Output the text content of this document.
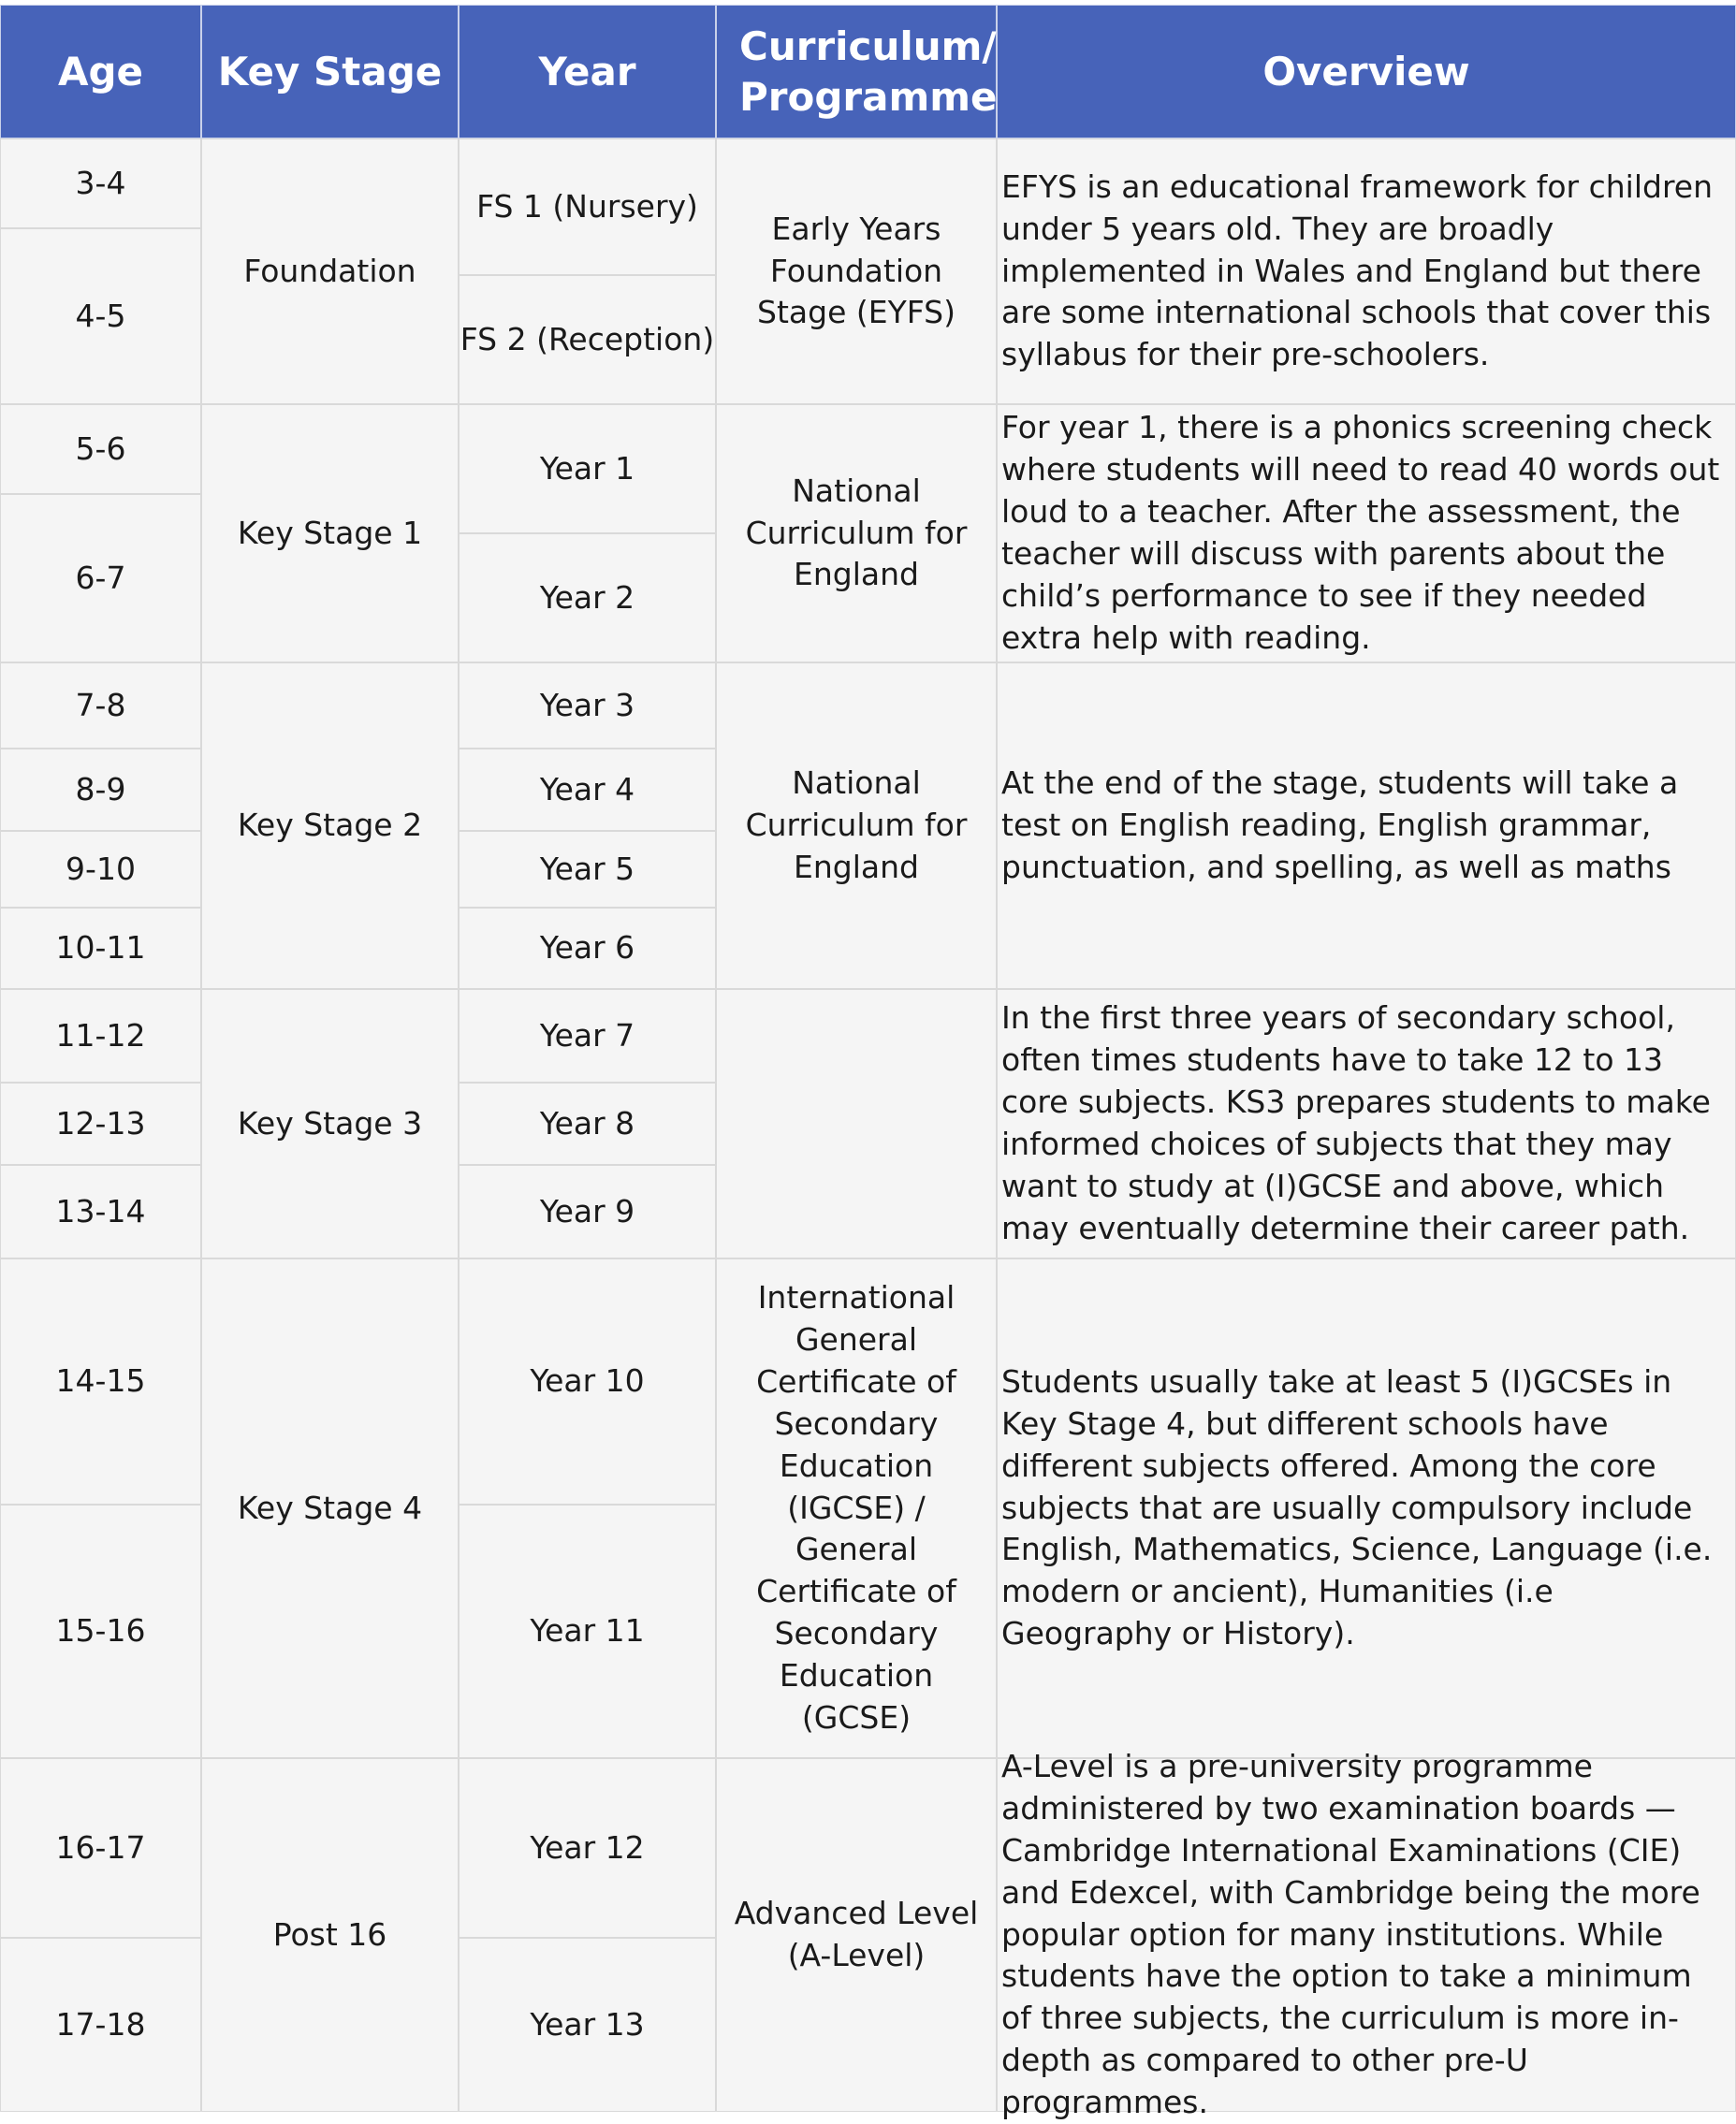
Age Key Stage Year
Curriculum/ Programme
Overview
3-4
4-5
5-6
6-7
7-8
8-9
9-10
10-11
11-12
12-13
13-14
14-15
15-16
16-17
17-18
Foundation
Key Stage 1
Key Stage 2
Key Stage 3
Key Stage 4
Post 16
FS 1 (Nursery)
FS 2 (Reception)
Year 1
Year 2
Year 3
Year 4
Year 5
Year 6
Year 7
Year 8
Year 9
Year 10
Year 11
Year 12
Year 13
Early Years Foundation Stage (EYFS)
National Curriculum for England
National Curriculum for England
International General Certificate of Secondary Education (IGCSE) / General Certificate of Secondary Education (GCSE)
Advanced Level (A-Level)
EFYS is an educational framework for children under 5 years old. They are broadly implemented in Wales and England but there are some international schools that cover this syllabus for their pre-schoolers.
For year 1, there is a phonics screening check where students will need to read 40 words out loud to a teacher. After the assessment, the teacher will discuss with parents about the child’s performance to see if they needed extra help with reading.
At the end of the stage, students will take a test on English reading, English grammar, punctuation, and spelling, as well as maths
In the first three years of secondary school, often times students have to take 12 to 13 core subjects. KS3 prepares students to make informed choices of subjects that they may want to study at (I)GCSE and above, which may eventually determine their career path.
Students usually take at least 5 (I)GCSEs in Key Stage 4, but different schools have different subjects offered. Among the core subjects that are usually compulsory include English, Mathematics, Science, Language (i.e. modern or ancient), Humanities (i.e Geography or History).
A-Level is a pre-university programme administered by two examination boards — Cambridge International Examinations (CIE) and Edexcel, with Cambridge being the more popular option for many institutions. While students have the option to take a minimum of three subjects, the curriculum is more in-depth as compared to other pre-U programmes.
